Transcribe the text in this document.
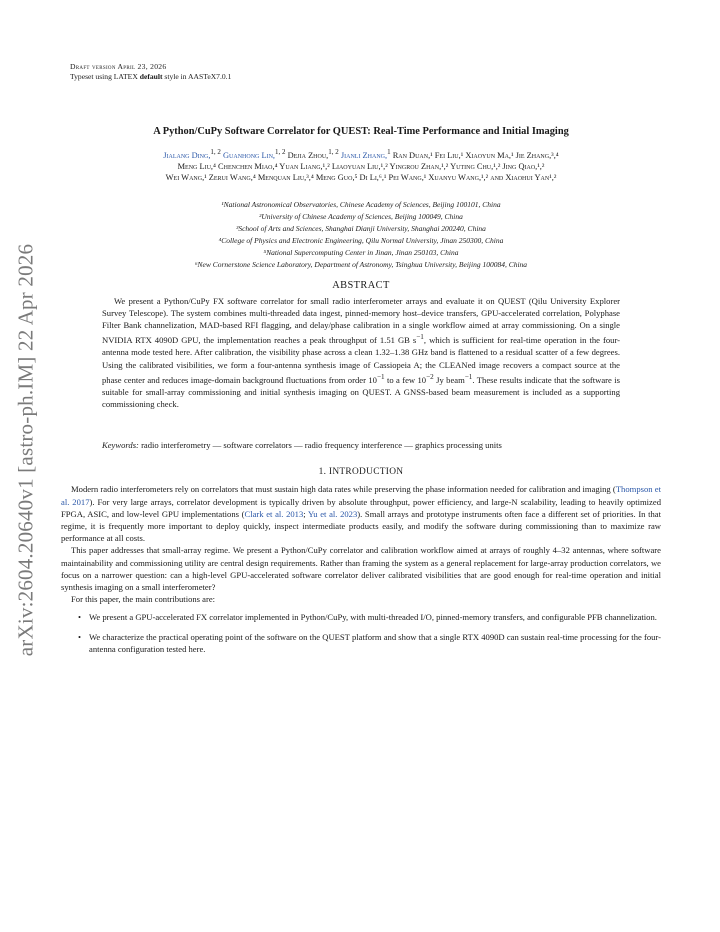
arXiv:2604.20640v1 [astro-ph.IM] 22 Apr 2026
Draft version April 23, 2026
Typeset using LATEX default style in AASTeX7.0.1
A Python/CuPy Software Correlator for QUEST: Real-Time Performance and Initial Imaging
Jialang Ding,$^{1, 2}$ Guanhong Lin,$^{1, 2}$ Dejia Zhou,$^{1, 2}$ Jianli Zhang,$^1$ Ran Duan,¹ Fei Liu,¹ Xiaoyun Ma,¹ Jie Zhang,³,⁴
Meng Liu,⁴ Chenchen Miao,⁴ Yuan Liang,¹,² Liaoyuan Liu,¹,² Yingrou Zhan,¹,² Yuting Chu,¹,² Jing Qiao,¹,²
Wei Wang,¹ Zerui Wang,⁴ Menquan Liu,³,⁴ Meng Guo,⁵ Di Li,⁶,¹ Pei Wang,¹ Xuanyu Wang,¹,² and Xiaohui Yan¹,²
¹National Astronomical Observatories, Chinese Academy of Sciences, Beijing 100101, China
²University of Chinese Academy of Sciences, Beijing 100049, China
³School of Arts and Sciences, Shanghai Dianji University, Shanghai 200240, China
⁴College of Physics and Electronic Engineering, Qilu Normal University, Jinan 250300, China
⁵National Supercomputing Center in Jinan, Jinan 250103, China
⁶New Cornerstone Science Laboratory, Department of Astronomy, Tsinghua University, Beijing 100084, China
ABSTRACT

We present a Python/CuPy FX software correlator for small radio interferometer arrays and evaluate it on QUEST (Qilu University Explorer Survey Telescope). The system combines multi-threaded data ingest, pinned-memory host–device transfers, GPU-accelerated correlation, Polyphase Filter Bank channelization, MAD-based RFI flagging, and delay/phase calibration in a single workflow aimed at array commissioning. On a single NVIDIA RTX 4090D GPU, the implementation reaches a peak throughput of 1.51 GB $s^{-1}$, which is sufficient for real-time operation in the four-antenna mode tested here. After calibration, the visibility phase across a clean 1.32–1.38 GHz band is flattened to a residual scatter of a few degrees. Using the calibrated visibilities, we form a four-antenna synthesis image of Cassiopeia A; the CLEANed image recovers a compact source at the phase center and reduces image-domain background fluctuations from order $10^{-1}$ to a few $10^{-2}$ Jy beam$^{-1}$. These results indicate that the software is suitable for small-array commissioning and initial synthesis imaging on QUEST. A GNSS-based beam measurement is included as a supporting commissioning check.

Keywords: radio interferometry — software correlators — radio frequency interference — graphics processing units
1. INTRODUCTION

Modern radio interferometers rely on correlators that must sustain high data rates while preserving the phase information needed for calibration and imaging (Thompson et al. 2017). For very large arrays, correlator development is typically driven by absolute throughput, power efficiency, and large-N scalability, leading to heavily optimized FPGA, ASIC, and low-level GPU implementations (Clark et al. 2013; Yu et al. 2023). Small arrays and prototype instruments often face a different set of priorities. In that regime, it is frequently more important to deploy quickly, inspect intermediate products easily, and modify the software during commissioning than to maximize raw performance at all costs.

This paper addresses that small-array regime. We present a Python/CuPy correlator and calibration workflow aimed at arrays of roughly 4–32 antennas, where software maintainability and commissioning utility are central design requirements. Rather than framing the system as a general replacement for large-array production correlators, we focus on a narrower question: can a high-level GPU-accelerated software correlator deliver calibrated visibilities that are good enough for real-time operation and initial synthesis imaging on a small interferometer?

For this paper, the main contributions are:

• We present a GPU-accelerated FX correlator implemented in Python/CuPy, with multi-threaded I/O, pinned-memory transfers, and configurable PFB channelization.
• We characterize the practical operating point of the software on the QUEST platform and show that a single RTX 4090D can sustain real-time processing for the four-antenna configuration tested here.
